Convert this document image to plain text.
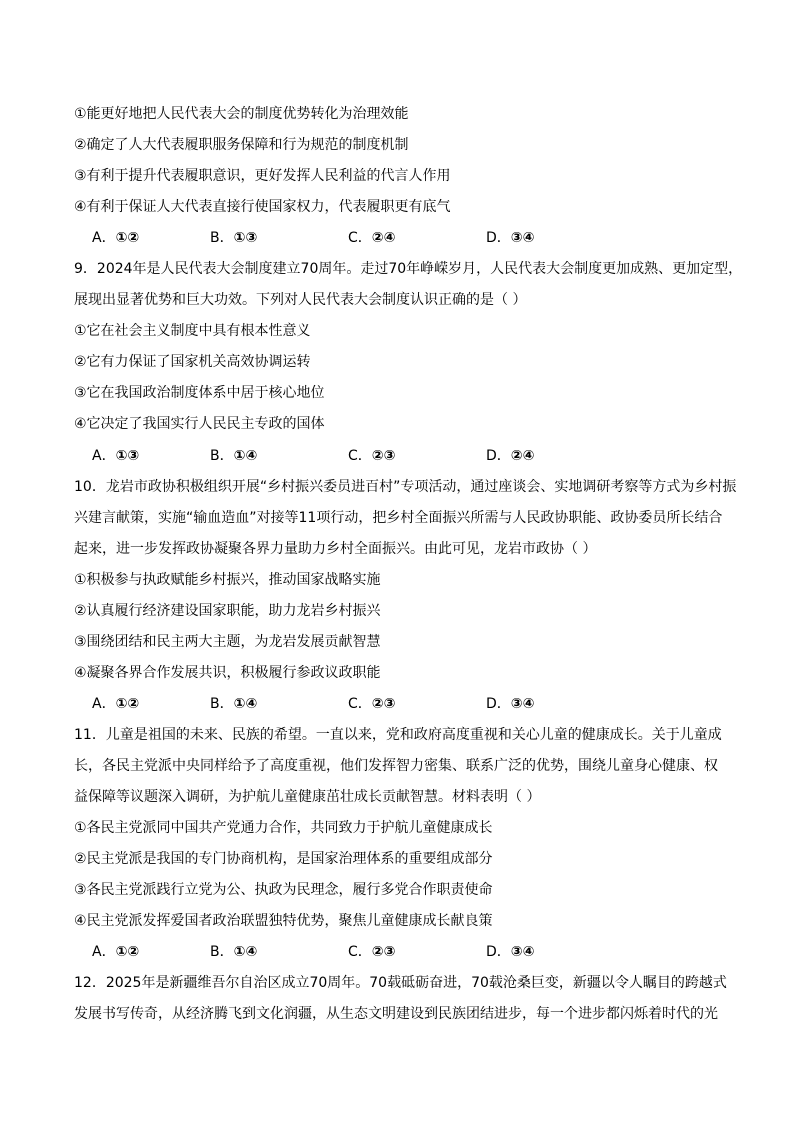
①能更好地把人民代表大会的制度优势转化为治理效能
②确定了人大代表履职服务保障和行为规范的制度机制
③有利于提升代表履职意识，更好发挥人民利益的代言人作用
④有利于保证人大代表直接行使国家权力，代表履职更有底气
A．①②	B．①③	C．②④	D．③④
9．2024年是人民代表大会制度建立70周年。走过70年峥嵘岁月，人民代表大会制度更加成熟、更加定型，
展现出显著优势和巨大功效。下列对人民代表大会制度认识正确的是（ ）
①它在社会主义制度中具有根本性意义
②它有力保证了国家机关高效协调运转
③它在我国政治制度体系中居于核心地位
④它决定了我国实行人民民主专政的国体
A．①③	B．①④	C．②③	D．②④
10．龙岩市政协积极组织开展“乡村振兴委员进百村”专项活动，通过座谈会、实地调研考察等方式为乡村振
兴建言献策，实施“输血造血”对接等11项行动，把乡村全面振兴所需与人民政协职能、政协委员所长结合
起来，进一步发挥政协凝聚各界力量助力乡村全面振兴。由此可见，龙岩市政协（ ）
①积极参与执政赋能乡村振兴，推动国家战略实施
②认真履行经济建设国家职能，助力龙岩乡村振兴
③围绕团结和民主两大主题，为龙岩发展贡献智慧
④凝聚各界合作发展共识，积极履行参政议政职能
A．①②	B．①④	C．②③	D．③④
11．儿童是祖国的未来、民族的希望。一直以来，党和政府高度重视和关心儿童的健康成长。关于儿童成
长，各民主党派中央同样给予了高度重视，他们发挥智力密集、联系广泛的优势，围绕儿童身心健康、权
益保障等议题深入调研，为护航儿童健康茁壮成长贡献智慧。材料表明（ ）
①各民主党派同中国共产党通力合作，共同致力于护航儿童健康成长
②民主党派是我国的专门协商机构，是国家治理体系的重要组成部分
③各民主党派践行立党为公、执政为民理念，履行多党合作职责使命
④民主党派发挥爱国者政治联盟独特优势，聚焦儿童健康成长献良策
A．①②	B．①④	C．②③	D．③④
12．2025年是新疆维吾尔自治区成立70周年。70载砥砺奋进，70载沧桑巨变，新疆以令人瞩目的跨越式
发展书写传奇，从经济腾飞到文化润疆，从生态文明建设到民族团结进步，每一个进步都闪烁着时代的光
